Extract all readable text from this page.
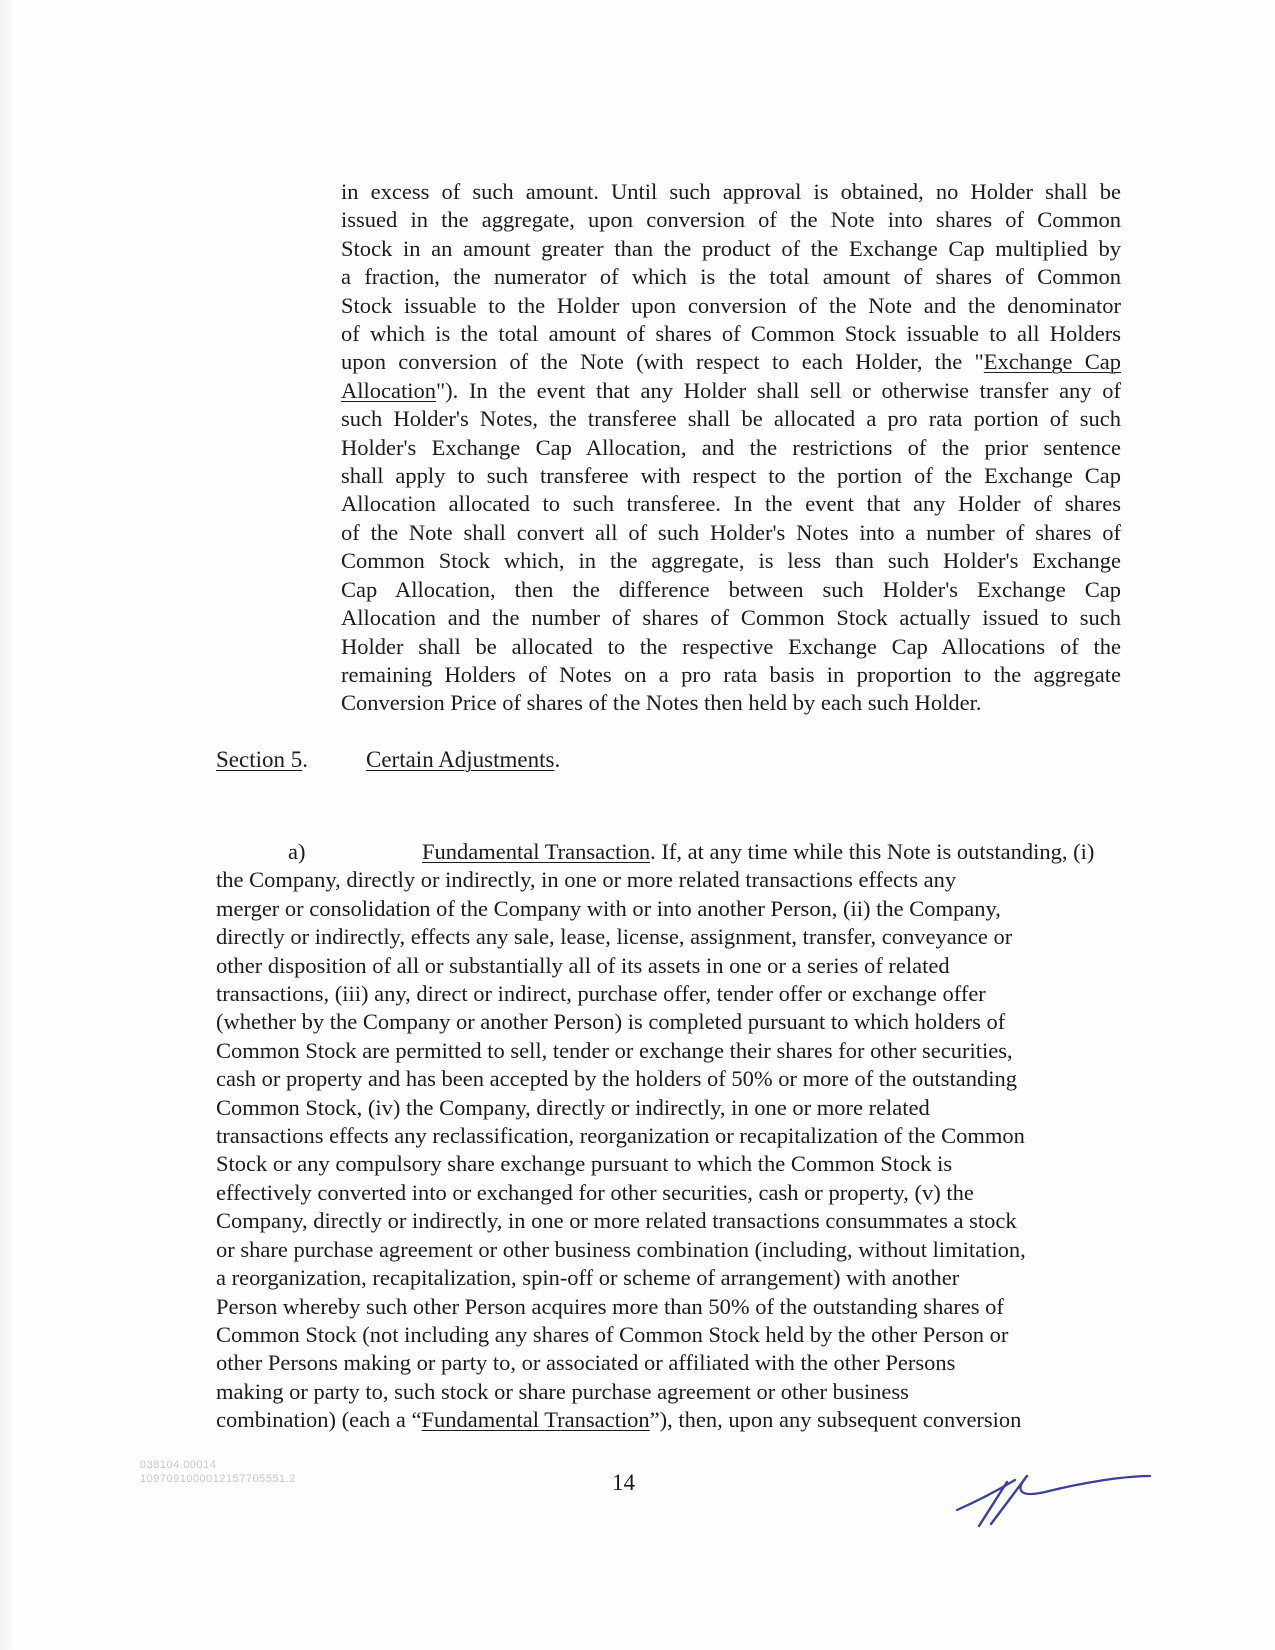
in excess of such amount. Until such approval is obtained, no Holder shall be
issued in the aggregate, upon conversion of the Note into shares of Common
Stock in an amount greater than the product of the Exchange Cap multiplied by
a fraction, the numerator of which is the total amount of shares of Common
Stock issuable to the Holder upon conversion of the Note and the denominator
of which is the total amount of shares of Common Stock issuable to all Holders
upon conversion of the Note (with respect to each Holder, the "Exchange Cap
Allocation"). In the event that any Holder shall sell or otherwise transfer any of
such Holder's Notes, the transferee shall be allocated a pro rata portion of such
Holder's Exchange Cap Allocation, and the restrictions of the prior sentence
shall apply to such transferee with respect to the portion of the Exchange Cap
Allocation allocated to such transferee. In the event that any Holder of shares
of the Note shall convert all of such Holder's Notes into a number of shares of
Common Stock which, in the aggregate, is less than such Holder's Exchange
Cap Allocation, then the difference between such Holder's Exchange Cap
Allocation and the number of shares of Common Stock actually issued to such
Holder shall be allocated to the respective Exchange Cap Allocations of the
remaining Holders of Notes on a pro rata basis in proportion to the aggregate
Conversion Price of shares of the Notes then held by each such Holder.
Section 5.	Certain Adjustments.
a)	Fundamental Transaction. If, at any time while this Note is outstanding, (i)
the Company, directly or indirectly, in one or more related transactions effects any
merger or consolidation of the Company with or into another Person, (ii) the Company,
directly or indirectly, effects any sale, lease, license, assignment, transfer, conveyance or
other disposition of all or substantially all of its assets in one or a series of related
transactions, (iii) any, direct or indirect, purchase offer, tender offer or exchange offer
(whether by the Company or another Person) is completed pursuant to which holders of
Common Stock are permitted to sell, tender or exchange their shares for other securities,
cash or property and has been accepted by the holders of 50% or more of the outstanding
Common Stock, (iv) the Company, directly or indirectly, in one or more related
transactions effects any reclassification, reorganization or recapitalization of the Common
Stock or any compulsory share exchange pursuant to which the Common Stock is
effectively converted into or exchanged for other securities, cash or property, (v) the
Company, directly or indirectly, in one or more related transactions consummates a stock
or share purchase agreement or other business combination (including, without limitation,
a reorganization, recapitalization, spin-off or scheme of arrangement) with another
Person whereby such other Person acquires more than 50% of the outstanding shares of
Common Stock (not including any shares of Common Stock held by the other Person or
other Persons making or party to, or associated or affiliated with the other Persons
making or party to, such stock or share purchase agreement or other business
combination) (each a “Fundamental Transaction”), then, upon any subsequent conversion
038104.00014
1097091000012157705551.2	14
